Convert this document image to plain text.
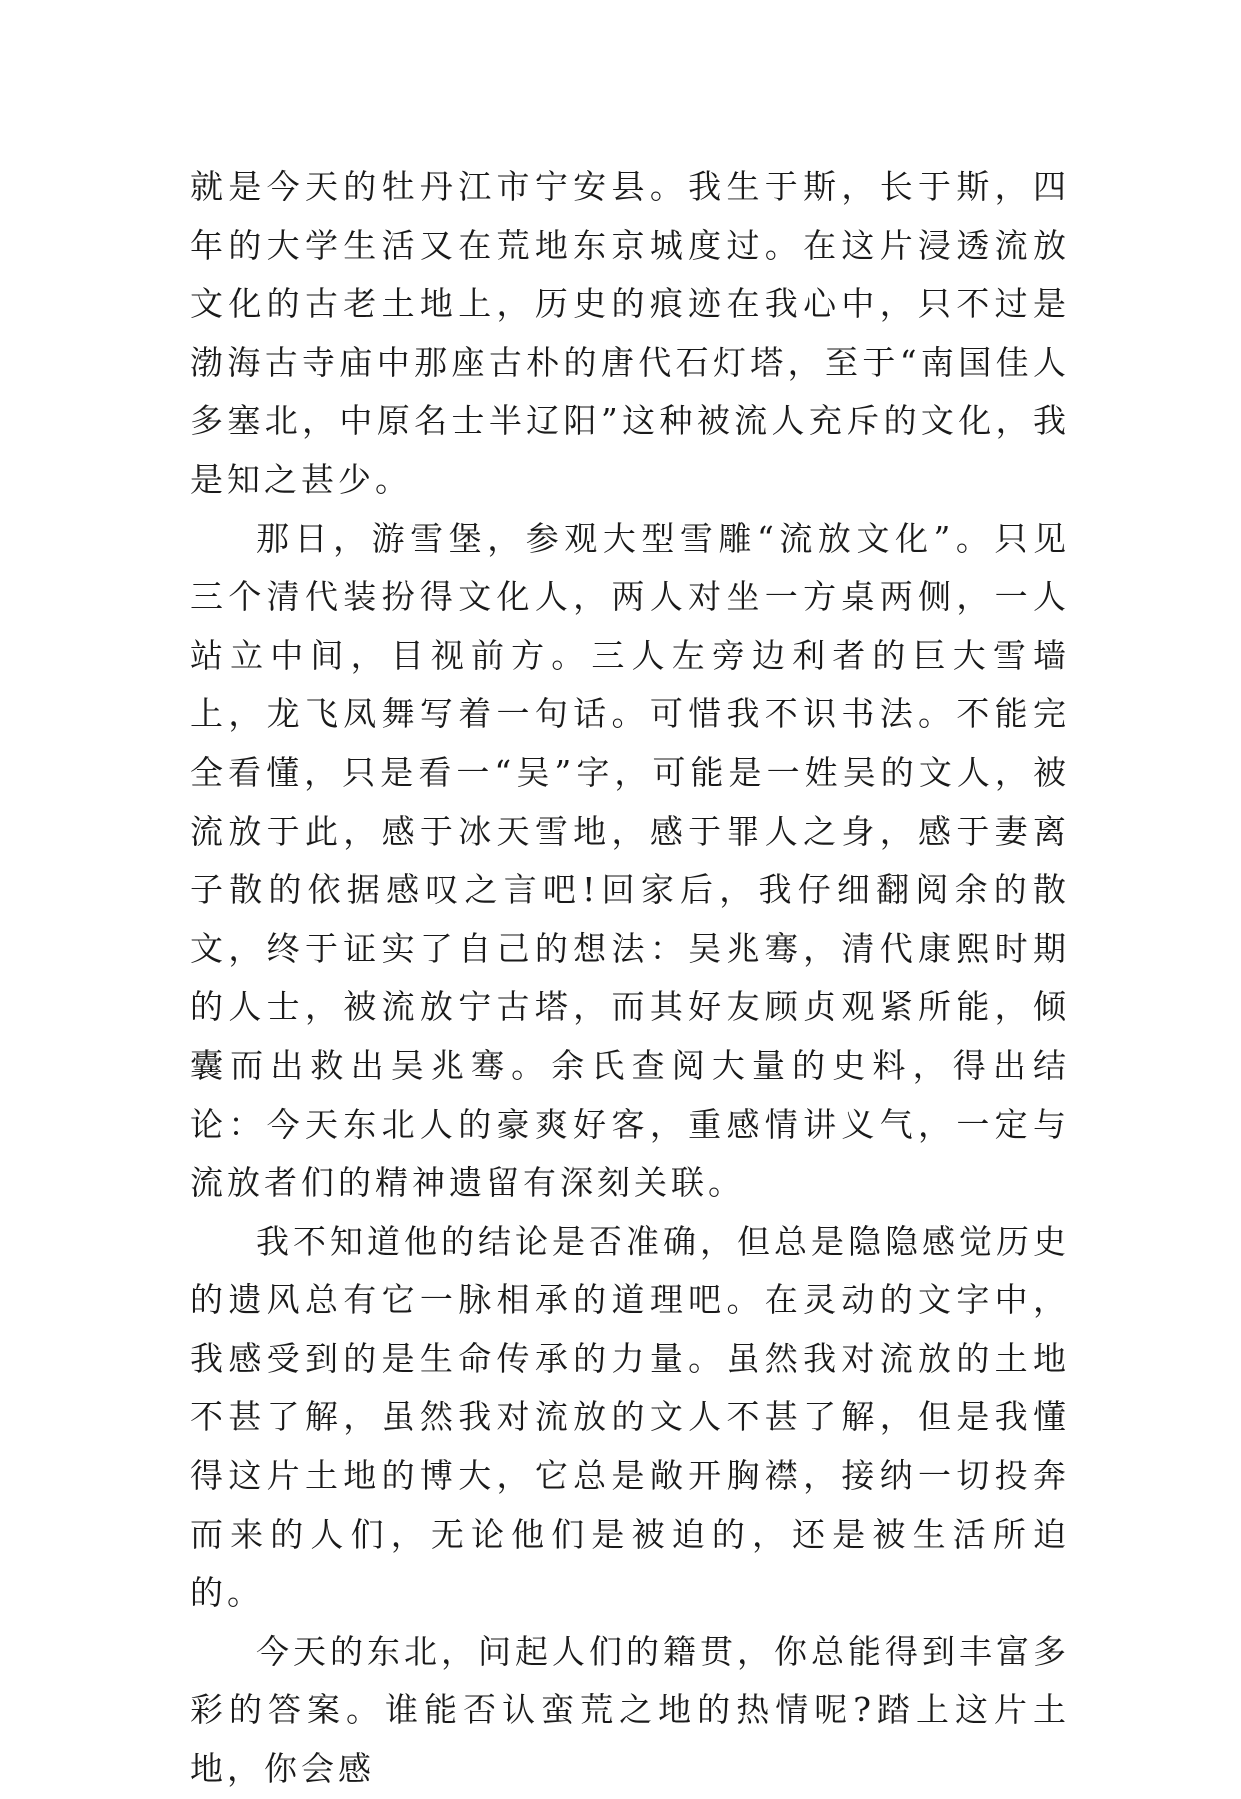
就是今天的牡丹江市宁安县。我生于斯，长于斯，四年的大学生活又在荒地东京城度过。在这片浸透流放文化的古老土地上，历史的痕迹在我心中，只不过是渤海古寺庙中那座古朴的唐代石灯塔，至于“南国佳人多塞北，中原名士半辽阳”这种被流人充斥的文化，我是知之甚少。

那日，游雪堡，参观大型雪雕“流放文化”。只见三个清代装扮得文化人，两人对坐一方桌两侧，一人站立中间，目视前方。三人左旁边利者的巨大雪墙上，龙飞凤舞写着一句话。可惜我不识书法。不能完全看懂，只是看一“吴”字，可能是一姓吴的文人，被流放于此，感于冰天雪地，感于罪人之身，感于妻离子散的依据感叹之言吧!回家后，我仔细翻阅余的散文，终于证实了自己的想法：吴兆骞，清代康熙时期的人士，被流放宁古塔，而其好友顾贞观紧所能，倾囊而出救出吴兆骞。余氏查阅大量的史料，得出结论：今天东北人的豪爽好客，重感情讲义气，一定与流放者们的精神遗留有深刻关联。

我不知道他的结论是否准确，但总是隐隐感觉历史的遗风总有它一脉相承的道理吧。在灵动的文字中，我感受到的是生命传承的力量。虽然我对流放的土地不甚了解，虽然我对流放的文人不甚了解，但是我懂得这片土地的博大，它总是敞开胸襟，接纳一切投奔而来的人们，无论他们是被迫的，还是被生活所迫的。

今天的东北，问起人们的籍贯，你总能得到丰富多彩的答案。谁能否认蛮荒之地的热情呢?踏上这片土地，你会感
